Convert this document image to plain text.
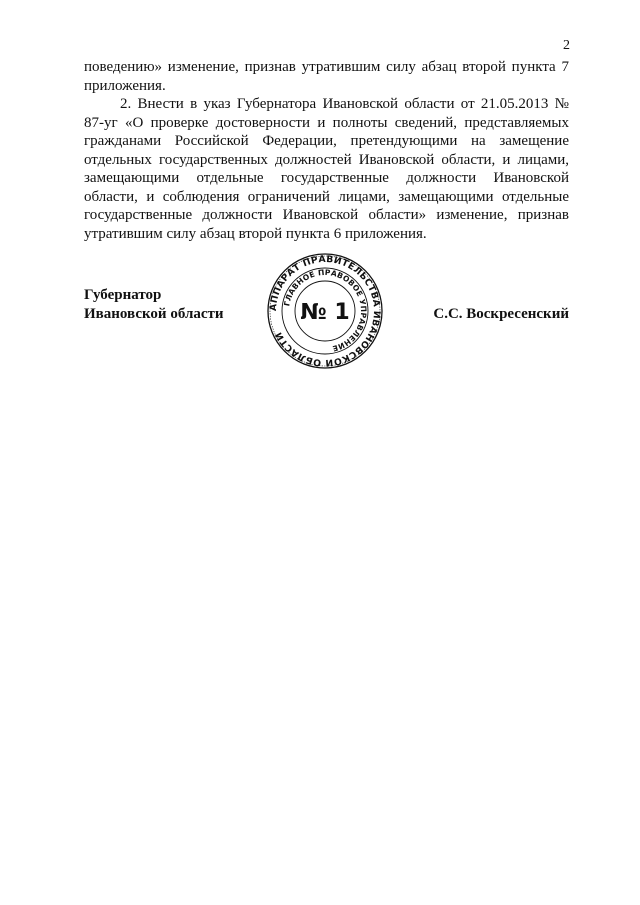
2

поведению» изменение, признав утратившим силу абзац второй пункта 7 приложения.

2. Внести в указ Губернатора Ивановской области от 21.05.2013 № 87-уг «О проверке достоверности и полноты сведений, представляемых гражданами Российской Федерации, претендующими на замещение отдельных государственных должностей Ивановской области, и лицами, замещающими отдельные государственные должности Ивановской области, и соблюдения ограничений лицами, замещающими отдельные государственные должности Ивановской области» изменение, признав утратившим силу абзац второй пункта 6 приложения.

Губернатор
Ивановской области	С.С. Воскресенский
АППАРАТ ПРАВИТЕЛЬСТВА ИВАНОВСКОЙ ОБЛАСТИ
ГЛАВНОЕ ПРАВОВОЕ УПРАВЛЕНИЕ
№ 1
